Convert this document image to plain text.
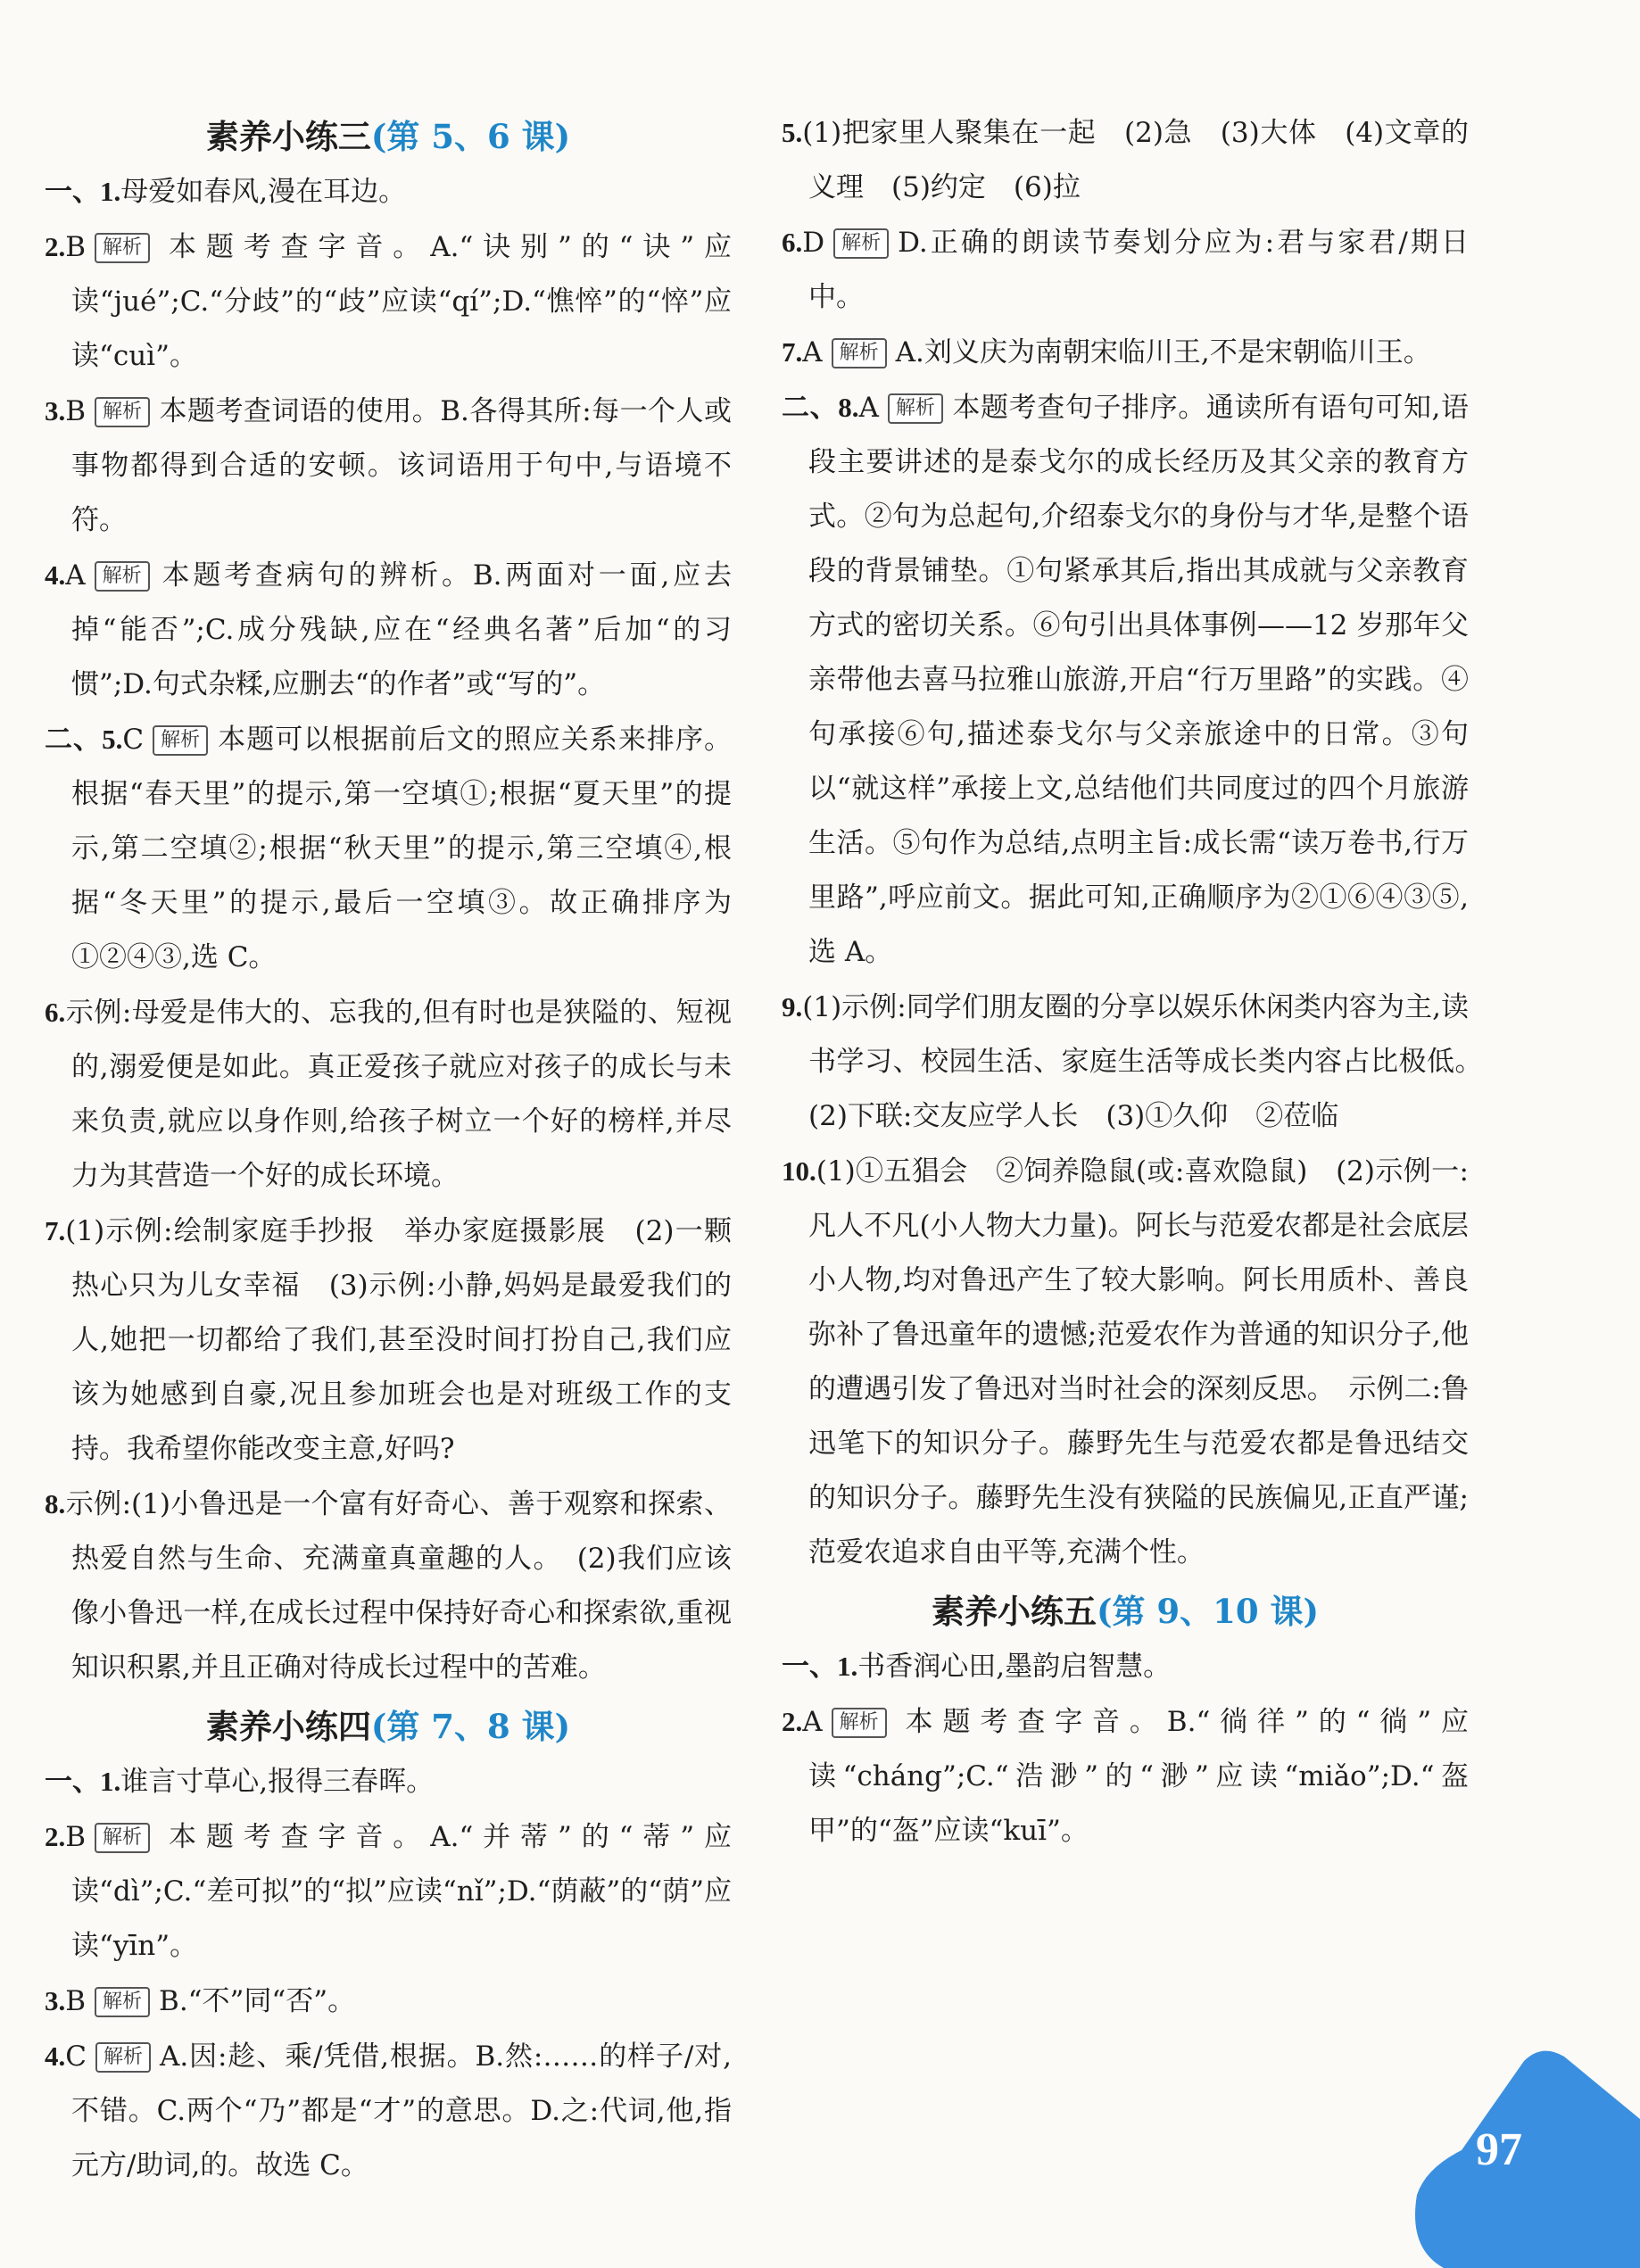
素养小练三(第 5、6 课)

一、1.母爱如春风,漫在耳边。

2.B 解析 本题考查字音。A.“诀别”的“诀”应读“jué”;C.“分歧”的“歧”应读“qí”;D.“憔悴”的“悴”应读“cuì”。

3.B 解析 本题考查词语的使用。B.各得其所:每一个人或事物都得到合适的安顿。该词语用于句中,与语境不符。

4.A 解析 本题考查病句的辨析。B.两面对一面,应去掉“能否”;C.成分残缺,应在“经典名著”后加“的习惯”;D.句式杂糅,应删去“的作者”或“写的”。

二、5.C 解析 本题可以根据前后文的照应关系来排序。根据“春天里”的提示,第一空填①;根据“夏天里”的提示,第二空填②;根据“秋天里”的提示,第三空填④,根据“冬天里”的提示,最后一空填③。故正确排序为①②④③,选 C。

6.示例:母爱是伟大的、忘我的,但有时也是狭隘的、短视的,溺爱便是如此。真正爱孩子就应对孩子的成长与未来负责,就应以身作则,给孩子树立一个好的榜样,并尽力为其营造一个好的成长环境。

7.(1)示例:绘制家庭手抄报　举办家庭摄影展　(2)一颗热心只为儿女幸福　(3)示例:小静,妈妈是最爱我们的人,她把一切都给了我们,甚至没时间打扮自己,我们应该为她感到自豪,况且参加班会也是对班级工作的支持。我希望你能改变主意,好吗?

8.示例:(1)小鲁迅是一个富有好奇心、善于观察和探索、热爱自然与生命、充满童真童趣的人。　(2)我们应该像小鲁迅一样,在成长过程中保持好奇心和探索欲,重视知识积累,并且正确对待成长过程中的苦难。

素养小练四(第 7、8 课)

一、1.谁言寸草心,报得三春晖。

2.B 解析 本题考查字音。A.“并蒂”的“蒂”应读“dì”;C.“差可拟”的“拟”应读“nǐ”;D.“荫蔽”的“荫”应读“yīn”。

3.B 解析 B.“不”同“否”。

4.C 解析 A.因:趁、乘/凭借,根据。B.然:……的样子/对,不错。C.两个“乃”都是“才”的意思。D.之:代词,他,指元方/助词,的。故选 C。

5.(1)把家里人聚集在一起　(2)急　(3)大体　(4)文章的义理　(5)约定　(6)拉

6.D 解析 D.正确的朗读节奏划分应为:君与家君/期日中。

7.A 解析 A.刘义庆为南朝宋临川王,不是宋朝临川王。

二、8.A 解析 本题考查句子排序。通读所有语句可知,语段主要讲述的是泰戈尔的成长经历及其父亲的教育方式。②句为总起句,介绍泰戈尔的身份与才华,是整个语段的背景铺垫。①句紧承其后,指出其成就与父亲教育方式的密切关系。⑥句引出具体事例——12 岁那年父亲带他去喜马拉雅山旅游,开启“行万里路”的实践。④句承接⑥句,描述泰戈尔与父亲旅途中的日常。③句以“就这样”承接上文,总结他们共同度过的四个月旅游生活。⑤句作为总结,点明主旨:成长需“读万卷书,行万里路”,呼应前文。据此可知,正确顺序为②①⑥④③⑤,选 A。

9.(1)示例:同学们朋友圈的分享以娱乐休闲类内容为主,读书学习、校园生活、家庭生活等成长类内容占比极低。　(2)下联:交友应学人长　(3)①久仰　②莅临

10.(1)①五猖会　②饲养隐鼠(或:喜欢隐鼠)　(2)示例一:凡人不凡(小人物大力量)。阿长与范爱农都是社会底层小人物,均对鲁迅产生了较大影响。阿长用质朴、善良弥补了鲁迅童年的遗憾;范爱农作为普通的知识分子,他的遭遇引发了鲁迅对当时社会的深刻反思。　示例二:鲁迅笔下的知识分子。藤野先生与范爱农都是鲁迅结交的知识分子。藤野先生没有狭隘的民族偏见,正直严谨;范爱农追求自由平等,充满个性。

素养小练五(第 9、10 课)

一、1.书香润心田,墨韵启智慧。

2.A 解析 本题考查字音。B.“徜徉”的“徜”应读“cháng”;C.“浩渺”的“渺”应读“miǎo”;D.“盔甲”的“盔”应读“kuī”。

97
